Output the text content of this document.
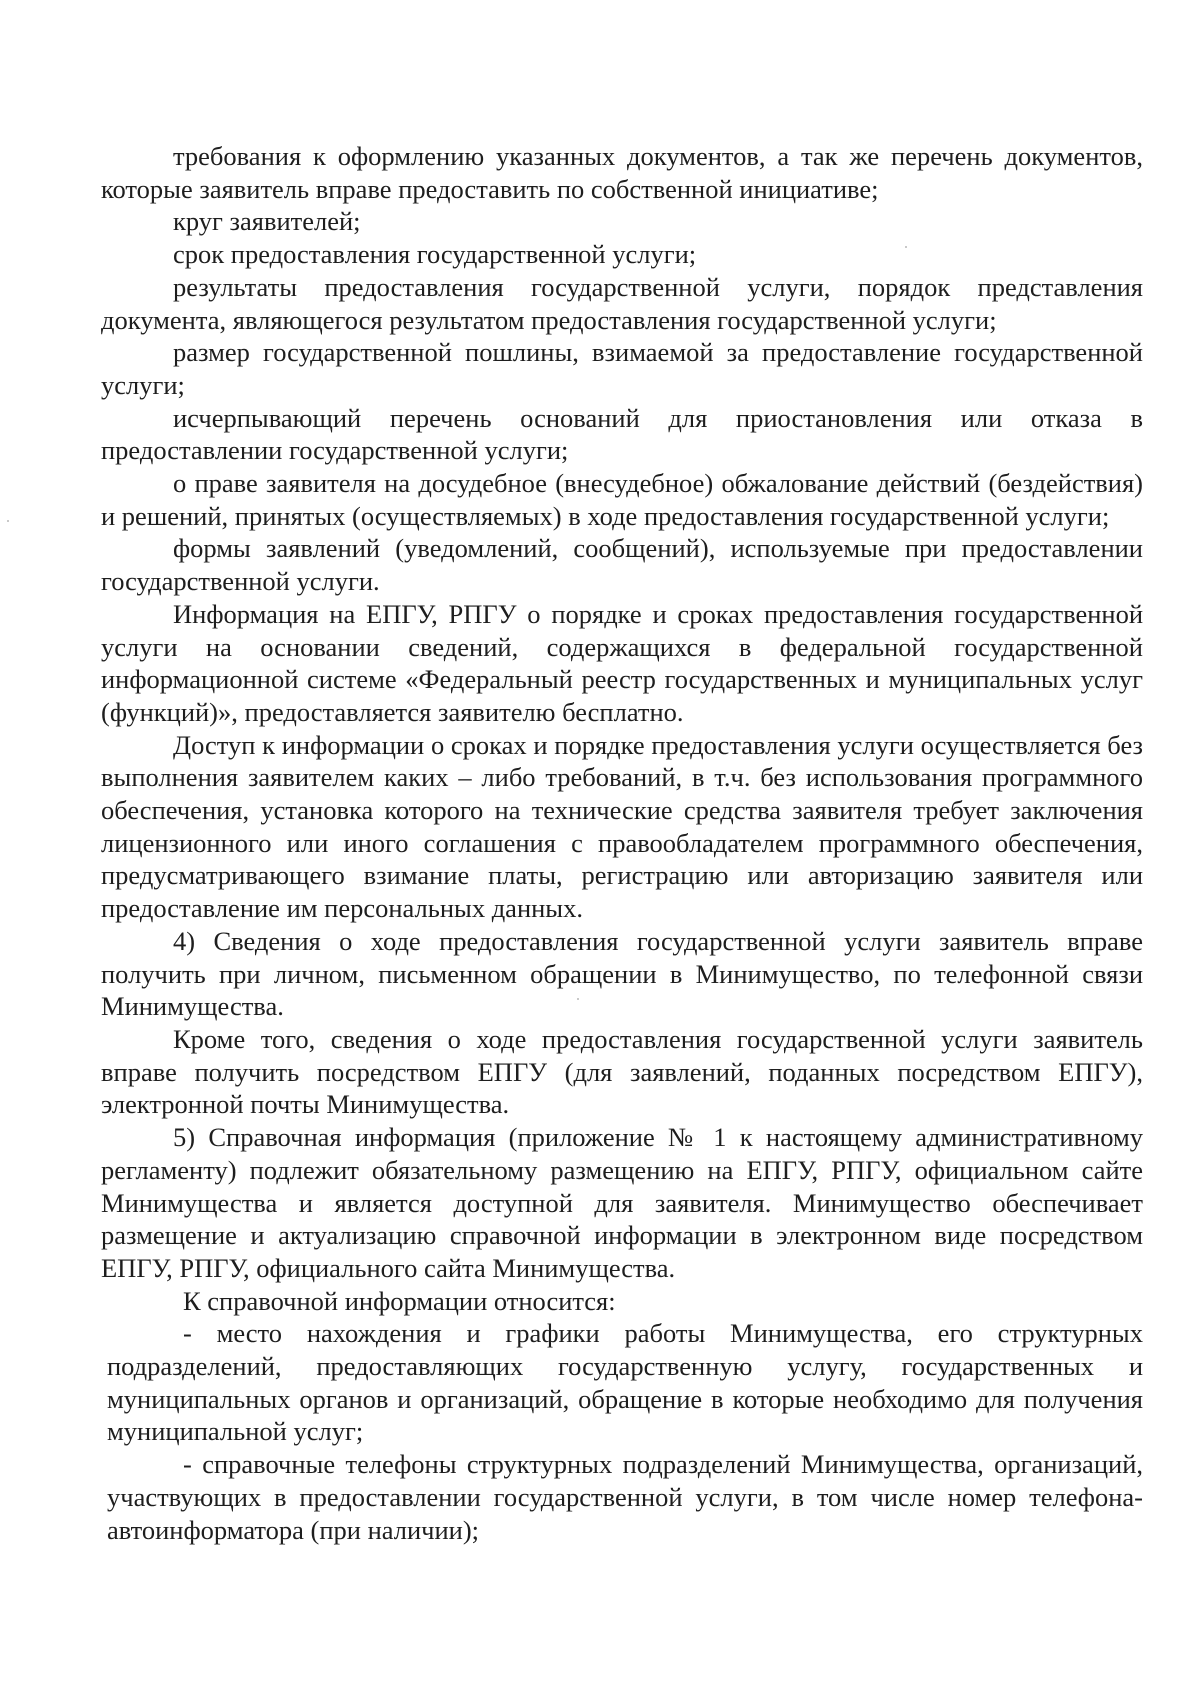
требования к оформлению указанных документов, а так же перечень документов, которые заявитель вправе предоставить по собственной инициативе;

круг заявителей;

срок предоставления государственной услуги;

результаты предоставления государственной услуги, порядок представления документа, являющегося результатом предоставления государственной услуги;

размер государственной пошлины, взимаемой за предоставление государственной услуги;

исчерпывающий перечень оснований для приостановления или отказа в предоставлении государственной услуги;

о праве заявителя на досудебное (внесудебное) обжалование действий (бездействия) и решений, принятых (осуществляемых) в ходе предоставления государственной услуги;

формы заявлений (уведомлений, сообщений), используемые при предоставлении государственной услуги.

Информация на ЕПГУ, РПГУ о порядке и сроках предоставления государственной услуги на основании сведений, содержащихся в федеральной государственной информационной системе «Федеральный реестр государственных и муниципальных услуг (функций)», предоставляется заявителю бесплатно.

Доступ к информации о сроках и порядке предоставления услуги осуществляется без выполнения заявителем каких – либо требований, в т.ч. без использования программного обеспечения, установка которого на технические средства заявителя требует заключения лицензионного или иного соглашения с правообладателем программного обеспечения, предусматривающего взимание платы, регистрацию или авторизацию заявителя или предоставление им персональных данных.

4) Сведения о ходе предоставления государственной услуги заявитель вправе получить при личном, письменном обращении в Минимущество, по телефонной связи Минимущества.

Кроме того, сведения о ходе предоставления государственной услуги заявитель вправе получить посредством ЕПГУ (для заявлений, поданных посредством ЕПГУ), электронной почты Минимущества.

5) Справочная информация (приложение № 1 к настоящему административному регламенту) подлежит обязательному размещению на ЕПГУ, РПГУ, официальном сайте Минимущества и является доступной для заявителя. Минимущество обеспечивает размещение и актуализацию справочной информации в электронном виде посредством ЕПГУ, РПГУ, официального сайта Минимущества.

К справочной информации относится:

- место нахождения и графики работы Минимущества, его структурных подразделений, предоставляющих государственную услугу, государственных и муниципальных органов и организаций, обращение в которые необходимо для получения муниципальной услуг;

- справочные телефоны структурных подразделений Минимущества, организаций, участвующих в предоставлении государственной услуги, в том числе номер телефона-автоинформатора (при наличии);
